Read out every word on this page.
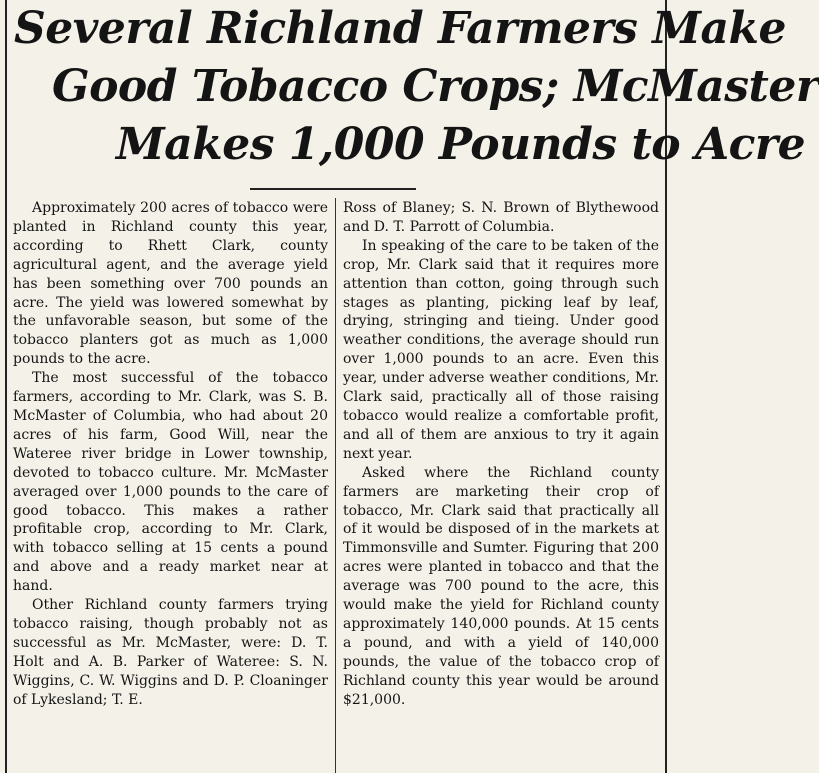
Several Richland Farmers Make
Good Tobacco Crops; McMaster
Makes 1,000 Pounds to Acre

Approximately 200 acres of tobacco were planted in Richland county this year, according to Rhett Clark, county agricultural agent, and the average yield has been something over 700 pounds an acre. The yield was lowered somewhat by the unfavorable season, but some of the tobacco planters got as much as 1,000 pounds to the acre.

The most successful of the tobacco farmers, according to Mr. Clark, was S. B. McMaster of Columbia, who had about 20 acres of his farm, Good Will, near the Wateree river bridge in Lower township, devoted to tobacco culture. Mr. McMaster averaged over 1,000 pounds to the care of good tobacco. This makes a rather profitable crop, according to Mr. Clark, with tobacco selling at 15 cents a pound and above and a ready market near at hand.

Other Richland county farmers trying tobacco raising, though probably not as successful as Mr. McMaster, were: D. T. Holt and A. B. Parker of Wateree: S. N. Wiggins, C. W. Wiggins and D. P. Cloaninger of Lykesland; T. E.

Ross of Blaney; S. N. Brown of Blythewood and D. T. Parrott of Columbia.

In speaking of the care to be taken of the crop, Mr. Clark said that it requires more attention than cotton, going through such stages as planting, picking leaf by leaf, drying, stringing and tieing. Under good weather conditions, the average should run over 1,000 pounds to an acre. Even this year, under adverse weather conditions, Mr. Clark said, practically all of those raising tobacco would realize a comfortable profit, and all of them are anxious to try it again next year.

Asked where the Richland county farmers are marketing their crop of tobacco, Mr. Clark said that practically all of it would be disposed of in the markets at Timmonsville and Sumter. Figuring that 200 acres were planted in tobacco and that the average was 700 pound to the acre, this would make the yield for Richland county approximately 140,000 pounds. At 15 cents a pound, and with a yield of 140,000 pounds, the value of the tobacco crop of Richland county this year would be around $21,000.
